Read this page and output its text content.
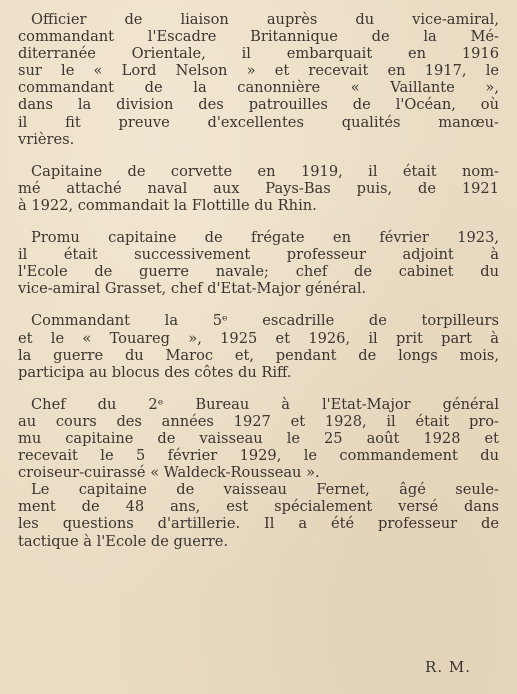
Officier de liaison auprès du vice-amiral,
commandant l'Escadre Britannique de la Mé-
diterranée Orientale, il embarquait en 1916
sur le « Lord Nelson » et recevait en 1917, le
commandant de la canonnière « Vaillante »,
dans la division des patrouilles de l'Océan, où
il fit preuve d'excellentes qualités manœu-
vrières.

Capitaine de corvette en 1919, il était nom-
mé attaché naval aux Pays-Bas puis, de 1921
à 1922, commandait la Flottille du Rhin.

Promu capitaine de frégate en février 1923,
il était successivement professeur adjoint à
l'Ecole de guerre navale; chef de cabinet du
vice-amiral Grasset, chef d'Etat-Major général.

Commandant la 5ᵉ escadrille de torpilleurs
et le « Touareg », 1925 et 1926, il prit part à
la guerre du Maroc et, pendant de longs mois,
participa au blocus des côtes du Riff.

Chef du 2ᵉ Bureau à l'Etat-Major général
au cours des années 1927 et 1928, il était pro-
mu capitaine de vaisseau le 25 août 1928 et
recevait le 5 février 1929, le commandement du
croiseur-cuirassé « Waldeck-Rousseau ».

Le capitaine de vaisseau Fernet, âgé seule-
ment de 48 ans, est spécialement versé dans
les questions d'artillerie. Il a été professeur de
tactique à l'Ecole de guerre.

R. M.
